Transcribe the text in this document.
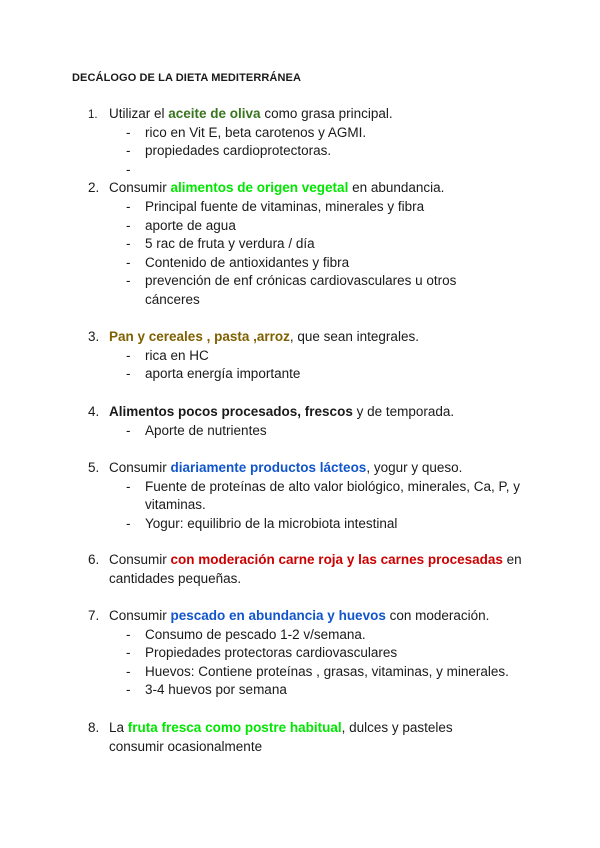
DECÁLOGO DE LA DIETA MEDITERRÁNEA
1. Utilizar el aceite de oliva como grasa principal.
- rico en Vit E, beta carotenos y AGMI.
- propiedades cardioprotectoras.
-
2. Consumir alimentos de origen vegetal en abundancia.
- Principal fuente de vitaminas, minerales y fibra
- aporte de agua
- 5 rac de fruta y verdura / día
- Contenido de antioxidantes y fibra
- prevención de enf crónicas cardiovasculares u otros cánceres
3. Pan y cereales , pasta ,arroz, que sean integrales.
- rica en HC
- aporta energía importante
4. Alimentos pocos procesados, frescos y de temporada.
- Aporte de nutrientes
5. Consumir diariamente productos lácteos, yogur y queso.
- Fuente de proteínas de alto valor biológico, minerales, Ca, P, y vitaminas.
- Yogur: equilibrio de la microbiota intestinal
6. Consumir con moderación carne roja y las carnes procesadas en cantidades pequeñas.
7. Consumir pescado en abundancia y huevos con moderación.
- Consumo de pescado 1-2 v/semana.
- Propiedades protectoras cardiovasculares
- Huevos: Contiene proteínas , grasas, vitaminas, y minerales.
- 3-4 huevos por semana
8. La fruta fresca como postre habitual, dulces y pasteles consumir ocasionalmente
